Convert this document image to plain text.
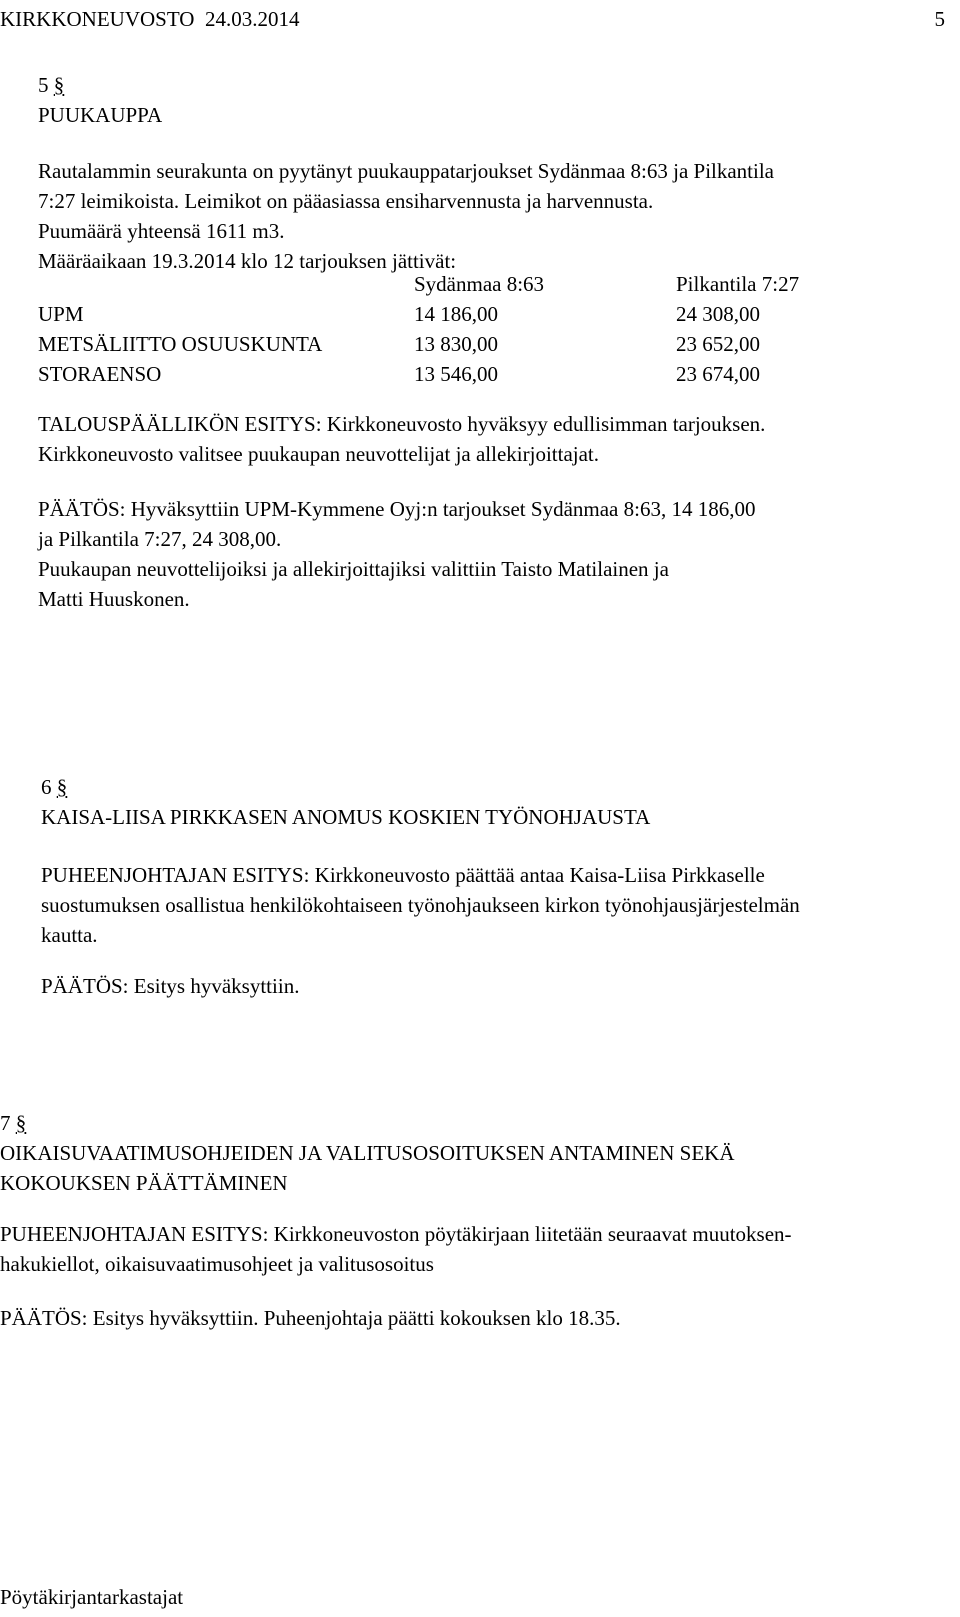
KIRKKONEUVOSTO  24.03.2014	5
5 §
PUUKAUPPA
Rautalammin seurakunta on pyytänyt puukauppatarjoukset Sydänmaa 8:63 ja Pilkantila
7:27 leimikoista. Leimikot on pääasiassa ensiharvennusta ja harvennusta.
Puumäärä yhteensä 1611 m3.
Määräaikaan 19.3.2014 klo 12 tarjouksen jättivät:
Sydänmaa 8:63	Pilkantila 7:27
UPM	14 186,00	24 308,00
METSÄLIITTO OSUUSKUNTA	13 830,00	23 652,00
STORAENSO	13 546,00	23 674,00
TALOUSPÄÄLLIKÖN ESITYS: Kirkkoneuvosto hyväksyy edullisimman tarjouksen.
Kirkkoneuvosto valitsee puukaupan neuvottelijat ja allekirjoittajat.
PÄÄTÖS: Hyväksyttiin UPM-Kymmene Oyj:n tarjoukset Sydänmaa 8:63, 14 186,00
ja Pilkantila 7:27, 24 308,00.
Puukaupan neuvottelijoiksi ja allekirjoittajiksi valittiin Taisto Matilainen ja
Matti Huuskonen.
6 §
KAISA-LIISA PIRKKASEN ANOMUS KOSKIEN TYÖNOHJAUSTA
PUHEENJOHTAJAN ESITYS: Kirkkoneuvosto päättää antaa Kaisa-Liisa Pirkkaselle
suostumuksen osallistua henkilökohtaiseen työnohjaukseen kirkon työnohjausjärjestelmän
kautta.
PÄÄTÖS: Esitys hyväksyttiin.
7 §
OIKAISUVAATIMUSOHJEIDEN JA VALITUSOSOITUKSEN ANTAMINEN SEKÄ
KOKOUKSEN PÄÄTTÄMINEN
PUHEENJOHTAJAN ESITYS: Kirkkoneuvoston pöytäkirjaan liitetään seuraavat muutoksen-
hakukiellot, oikaisuvaatimusohjeet ja valitusosoitus
PÄÄTÖS: Esitys hyväksyttiin. Puheenjohtaja päätti kokouksen klo 18.35.
Pöytäkirjantarkastajat
